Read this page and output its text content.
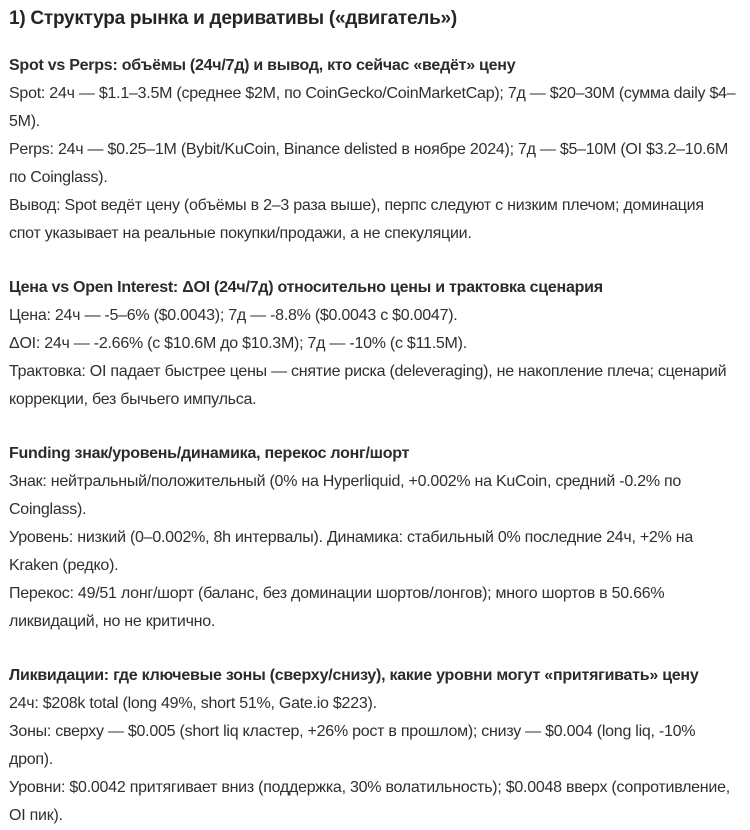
1) Структура рынка и деривативы («двигатель»)
Spot vs Perps: объёмы (24ч/7д) и вывод, кто сейчас «ведёт» цену

Spot: 24ч — $1.1–3.5M (среднее $2M, по CoinGecko/CoinMarketCap); 7д — $20–30M (сумма daily $4–5M).

Perps: 24ч — $0.25–1M (Bybit/KuCoin, Binance delisted в ноябре 2024); 7д — $5–10M (OI $3.2–10.6M по Coinglass).

Вывод: Spot ведёт цену (объёмы в 2–3 раза выше), перпс следуют с низким плечом; доминация спот указывает на реальные покупки/продажи, а не спекуляции.

Цена vs Open Interest: ΔOI (24ч/7д) относительно цены и трактовка сценария

Цена: 24ч — -5–6% ($0.0043); 7д — -8.8% ($0.0043 с $0.0047).

ΔOI: 24ч — -2.66% (с $10.6M до $10.3M); 7д — -10% (с $11.5M).

Трактовка: OI падает быстрее цены — снятие риска (deleveraging), не накопление плеча; сценарий коррекции, без бычьего импульса.

Funding знак/уровень/динамика, перекос лонг/шорт

Знак: нейтральный/положительный (0% на Hyperliquid, +0.002% на KuCoin, средний -0.2% по Coinglass).

Уровень: низкий (0–0.002%, 8h интервалы). Динамика: стабильный 0% последние 24ч, +2% на Kraken (редко).

Перекос: 49/51 лонг/шорт (баланс, без доминации шортов/лонгов); много шортов в 50.66% ликвидаций, но не критично.

Ликвидации: где ключевые зоны (сверху/снизу), какие уровни могут «притягивать» цену

24ч: $208k total (long 49%, short 51%, Gate.io $223).

Зоны: сверху — $0.005 (short liq кластер, +26% рост в прошлом); снизу — $0.004 (long liq, -10% дроп).

Уровни: $0.0042 притягивает вниз (поддержка, 30% волатильность); $0.0048 вверх (сопротивление, OI пик).
